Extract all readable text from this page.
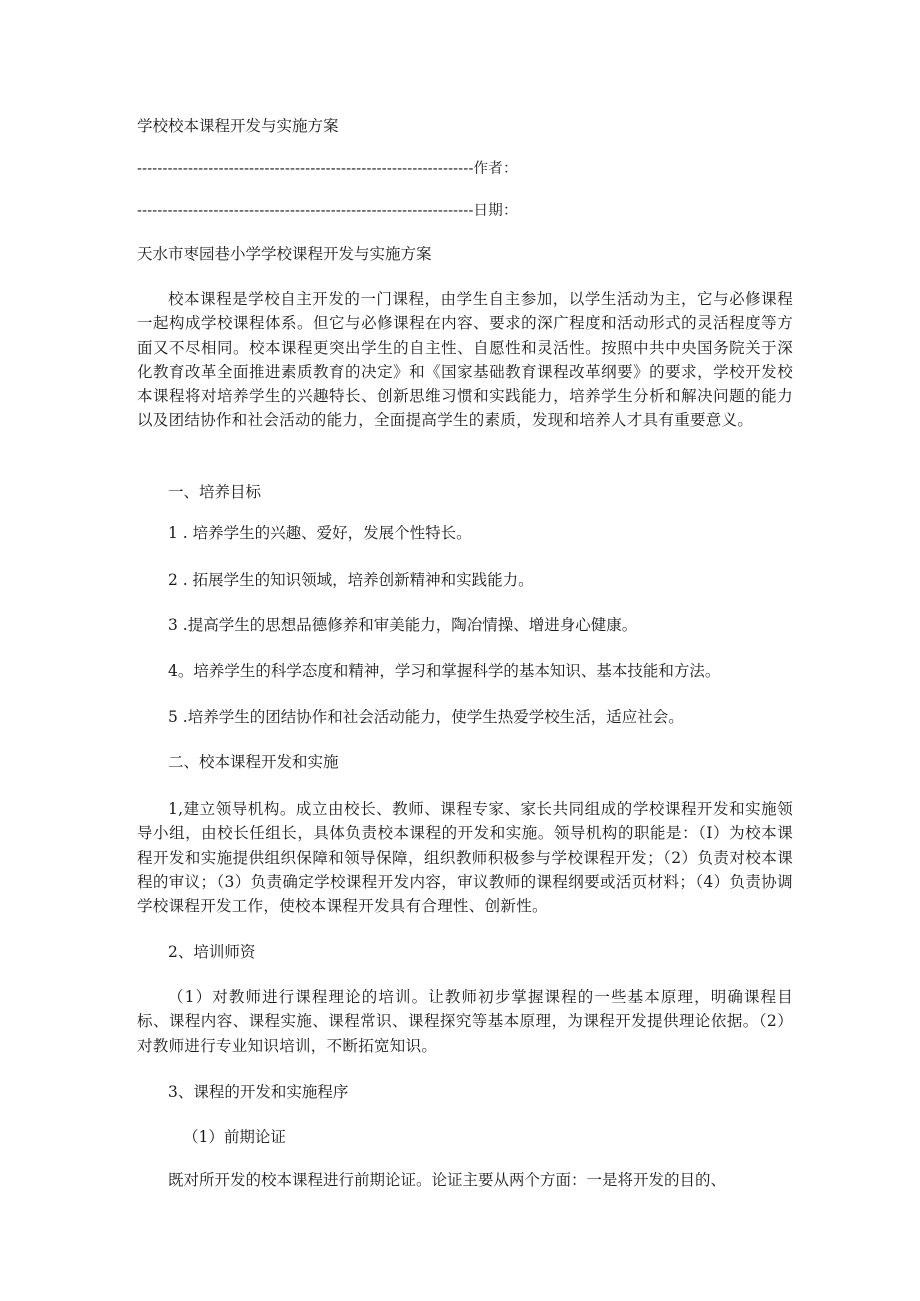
学校校本课程开发与实施方案
------------------------------------------------------------------作者：
------------------------------------------------------------------日期：
天水市枣园巷小学学校课程开发与实施方案
校本课程是学校自主开发的一门课程，由学生自主参加，以学生活动为主，它与必修课程一起构成学校课程体系。但它与必修课程在内容、要求的深广程度和活动形式的灵活程度等方面又不尽相同。校本课程更突出学生的自主性、自愿性和灵活性。按照中共中央国务院关于深化教育改革全面推进素质教育的决定》和《国家基础教育课程改革纲要》的要求，学校开发校本课程将对培养学生的兴趣特长、创新思维习惯和实践能力，培养学生分析和解决问题的能力以及团结协作和社会活动的能力，全面提高学生的素质，发现和培养人才具有重要意义。
一、培养目标
1 . 培养学生的兴趣、爱好，发展个性特长。
2 . 拓展学生的知识领域，培养创新精神和实践能力。
3 .提高学生的思想品德修养和审美能力，陶冶情操、增进身心健康。
4。培养学生的科学态度和精神，学习和掌握科学的基本知识、基本技能和方法。
5 .培养学生的团结协作和社会活动能力，使学生热爱学校生活，适应社会。
二、校本课程开发和实施
1,建立领导机构。成立由校长、教师、课程专家、家长共同组成的学校课程开发和实施领导小组，由校长任组长，具体负责校本课程的开发和实施。领导机构的职能是：（I）为校本课程开发和实施提供组织保障和领导保障，组织教师积极参与学校课程开发；（2）负责对校本课程的审议；（3）负责确定学校课程开发内容，审议教师的课程纲要或活页材料；（4）负责协调学校课程开发工作，使校本课程开发具有合理性、创新性。
2、培训师资
（1）对教师进行课程理论的培训。让教师初步掌握课程的一些基本原理，明确课程目标、课程内容、课程实施、课程常识、课程探究等基本原理，为课程开发提供理论依据。（2）对教师进行专业知识培训，不断拓宽知识。
3、课程的开发和实施程序
（1）前期论证
既对所开发的校本课程进行前期论证。论证主要从两个方面：一是将开发的目的、
